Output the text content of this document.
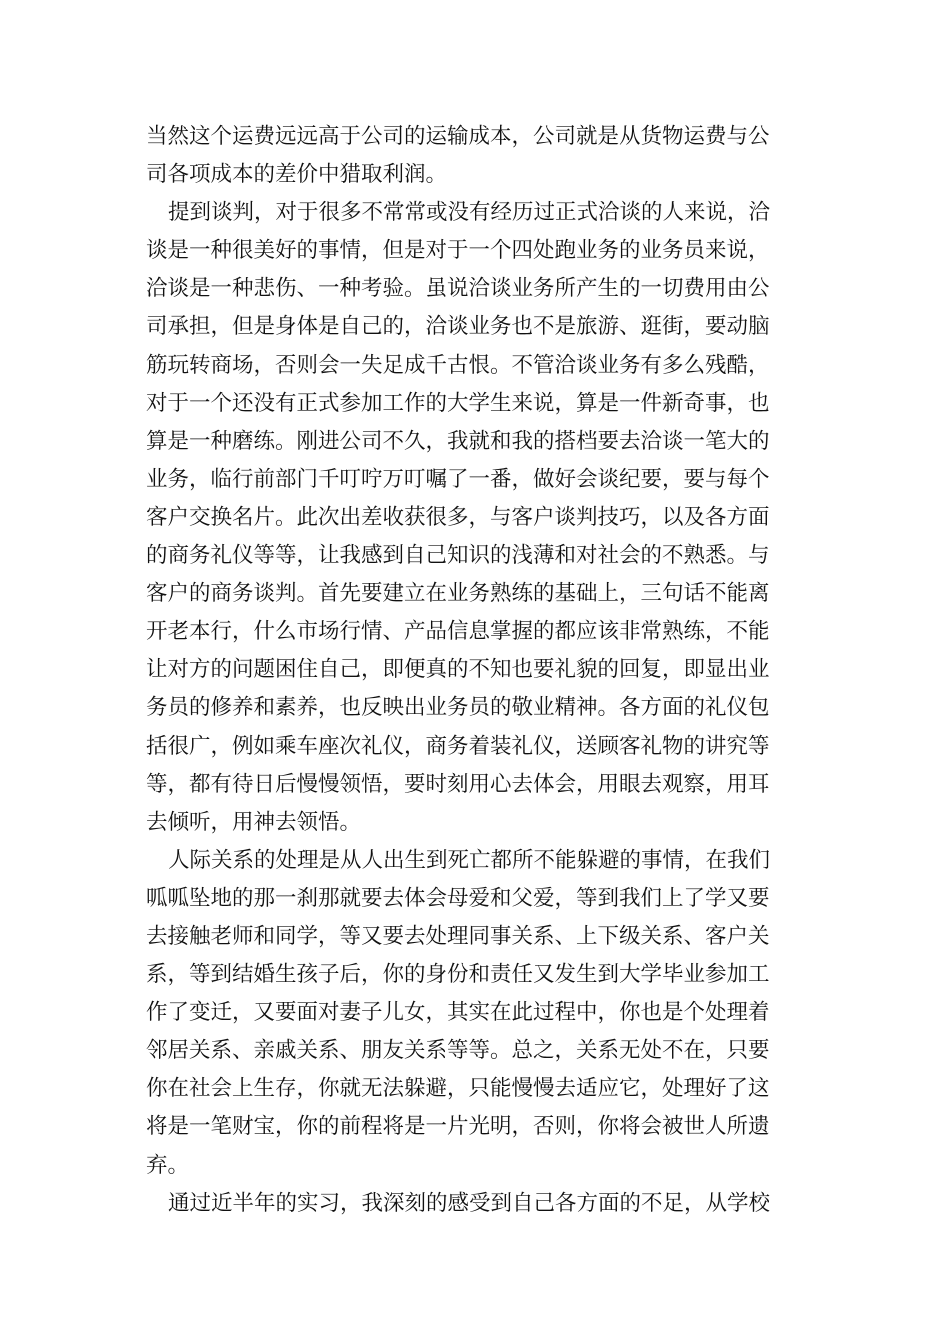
当然这个运费远远高于公司的运输成本，公司就是从货物运费与公
司各项成本的差价中猎取利润。
提到谈判，对于很多不常常或没有经历过正式洽谈的人来说，洽
谈是一种很美好的事情，但是对于一个四处跑业务的业务员来说，
洽谈是一种悲伤、一种考验。虽说洽谈业务所产生的一切费用由公
司承担，但是身体是自己的，洽谈业务也不是旅游、逛街，要动脑
筋玩转商场，否则会一失足成千古恨。不管洽谈业务有多么残酷，
对于一个还没有正式参加工作的大学生来说，算是一件新奇事，也
算是一种磨练。刚进公司不久，我就和我的搭档要去洽谈一笔大的
业务，临行前部门千叮咛万叮嘱了一番，做好会谈纪要，要与每个
客户交换名片。此次出差收获很多，与客户谈判技巧，以及各方面
的商务礼仪等等，让我感到自己知识的浅薄和对社会的不熟悉。与
客户的商务谈判。首先要建立在业务熟练的基础上，三句话不能离
开老本行，什么市场行情、产品信息掌握的都应该非常熟练，不能
让对方的问题困住自己，即便真的不知也要礼貌的回复，即显出业
务员的修养和素养，也反映出业务员的敬业精神。各方面的礼仪包
括很广，例如乘车座次礼仪，商务着装礼仪，送顾客礼物的讲究等
等，都有待日后慢慢领悟，要时刻用心去体会，用眼去观察，用耳
去倾听，用神去领悟。
人际关系的处理是从人出生到死亡都所不能躲避的事情，在我们
呱呱坠地的那一刹那就要去体会母爱和父爱，等到我们上了学又要
去接触老师和同学，等又要去处理同事关系、上下级关系、客户关
系，等到结婚生孩子后，你的身份和责任又发生到大学毕业参加工
作了变迁，又要面对妻子儿女，其实在此过程中，你也是个处理着
邻居关系、亲戚关系、朋友关系等等。总之，关系无处不在，只要
你在社会上生存，你就无法躲避，只能慢慢去适应它，处理好了这
将是一笔财宝，你的前程将是一片光明，否则，你将会被世人所遗
弃。
通过近半年的实习，我深刻的感受到自己各方面的不足，从学校
